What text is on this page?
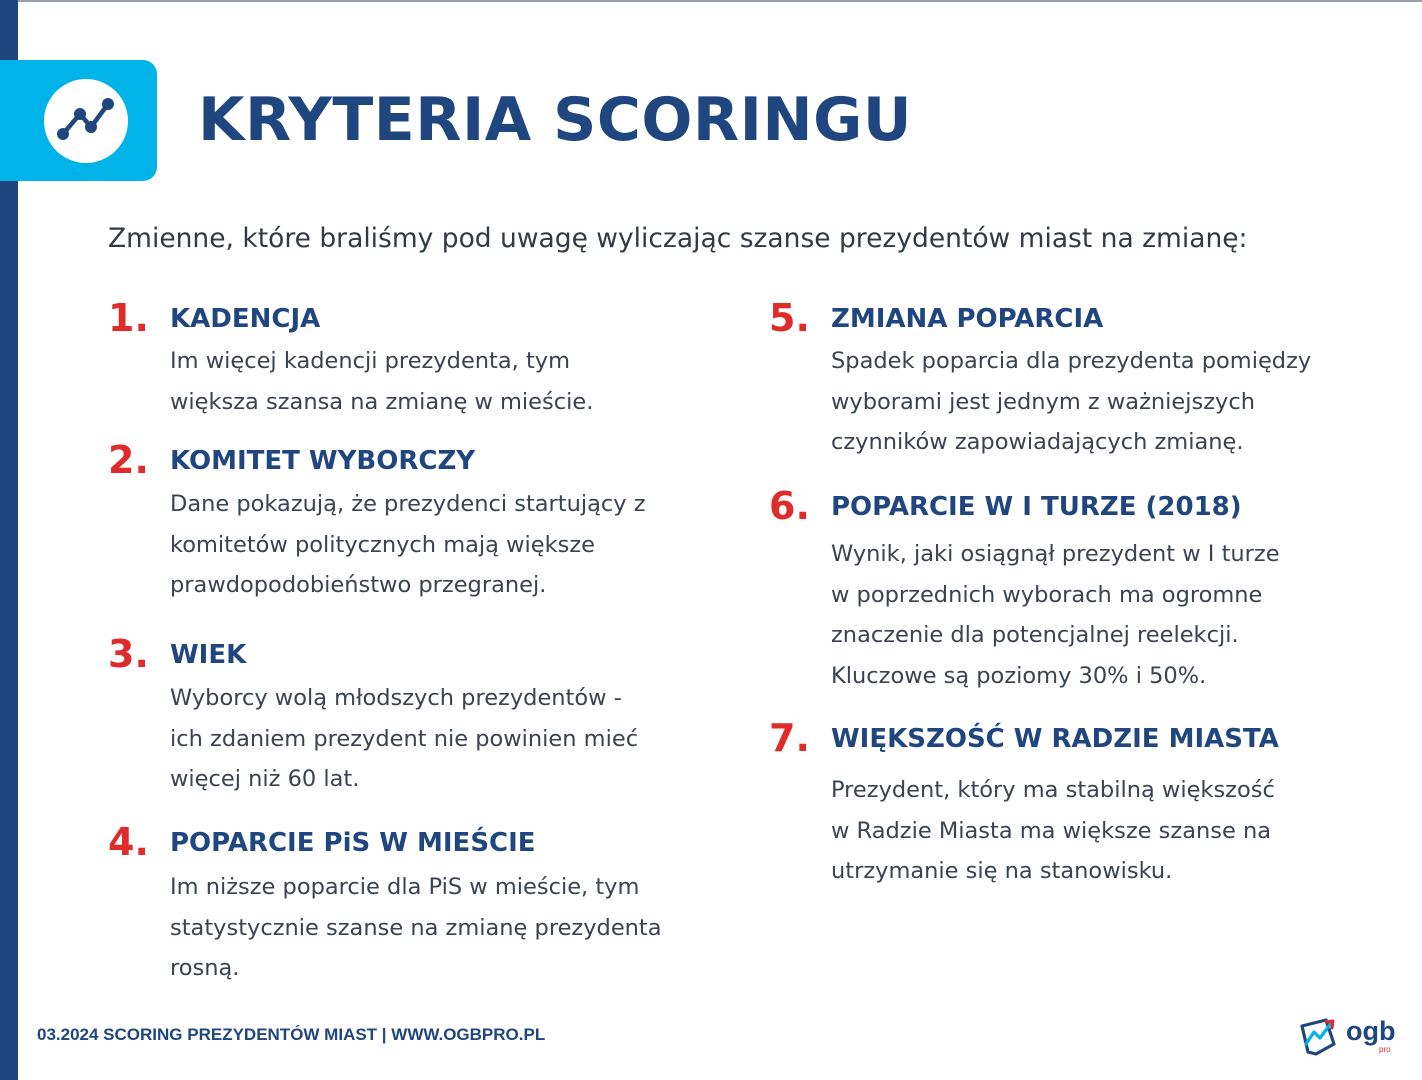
KRYTERIA SCORINGU

Zmienne, które braliśmy pod uwagę wyliczając szanse prezydentów miast na zmianę:

1. KADENCJA

Im więcej kadencji prezydenta, tym
większa szansa na zmianę w mieście.

2. KOMITET WYBORCZY

Dane pokazują, że prezydenci startujący z
komitetów politycznych mają większe
prawdopodobieństwo przegranej.

3. WIEK

Wyborcy wolą młodszych prezydentów -
ich zdaniem prezydent nie powinien mieć
więcej niż 60 lat.

4. POPARCIE PiS W MIEŚCIE

Im niższe poparcie dla PiS w mieście, tym
statystycznie szanse na zmianę prezydenta
rosną.

5. ZMIANA POPARCIA

Spadek poparcia dla prezydenta pomiędzy
wyborami jest jednym z ważniejszych
czynników zapowiadających zmianę.

6. POPARCIE W I TURZE (2018)

Wynik, jaki osiągnął prezydent w I turze
w poprzednich wyborach ma ogromne
znaczenie dla potencjalnej reelekcji.
Kluczowe są poziomy 30% i 50%.

7. WIĘKSZOŚĆ W RADZIE MIASTA

Prezydent, który ma stabilną większość
w Radzie Miasta ma większe szanse na
utrzymanie się na stanowisku.

03.2024 SCORING PREZYDENTÓW MIAST | WWW.OGBPRO.PL	ogb
pro
